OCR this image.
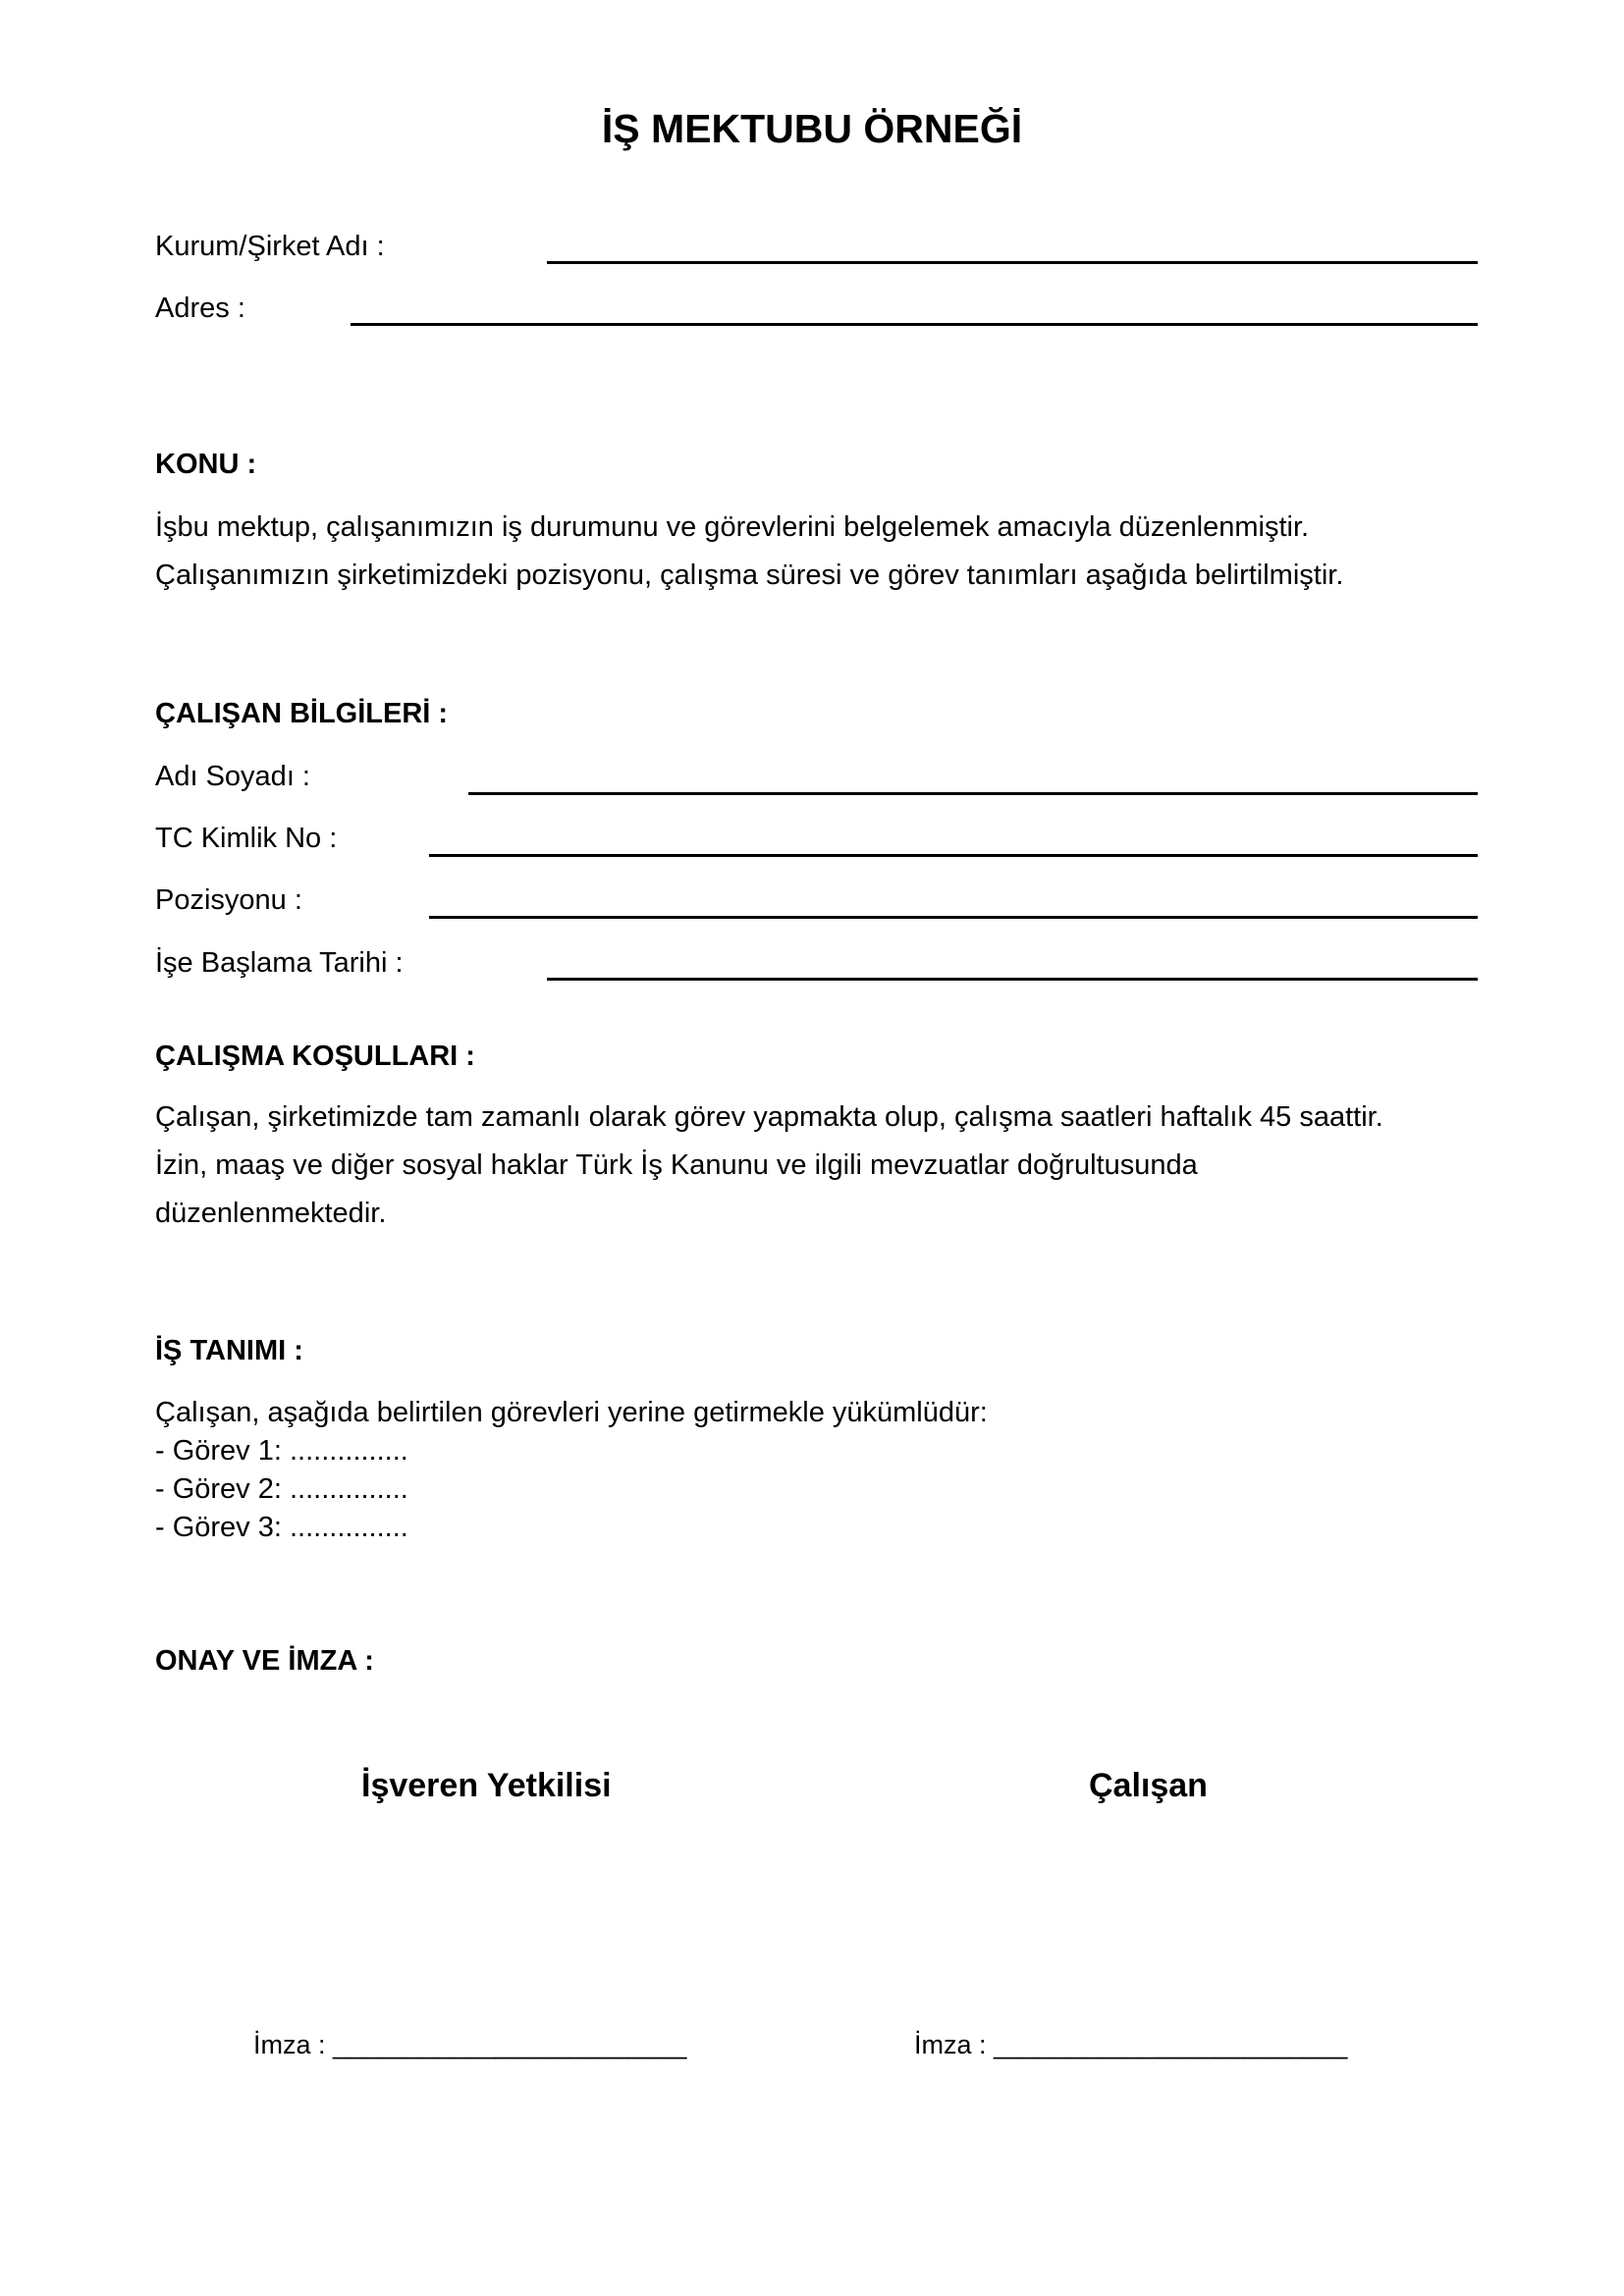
İŞ MEKTUBU ÖRNEĞİ
Kurum/Şirket Adı :
Adres :
KONU :
İşbu mektup, çalışanımızın iş durumunu ve görevlerini belgelemek amacıyla düzenlenmiştir.
Çalışanımızın şirketimizdeki pozisyonu, çalışma süresi ve görev tanımları aşağıda belirtilmiştir.
ÇALIŞAN BİLGİLERİ :
Adı Soyadı :
TC Kimlik No :
Pozisyonu :
İşe Başlama Tarihi :
ÇALIŞMA KOŞULLARI :
Çalışan, şirketimizde tam zamanlı olarak görev yapmakta olup, çalışma saatleri haftalık 45 saattir.
İzin, maaş ve diğer sosyal haklar Türk İş Kanunu ve ilgili mevzuatlar doğrultusunda
düzenlenmektedir.
İŞ TANIMI :
Çalışan, aşağıda belirtilen görevleri yerine getirmekle yükümlüdür:
- Görev 1: ...............
- Görev 2: ...............
- Görev 3: ...............
ONAY VE İMZA :
İşveren Yetkilisi	Çalışan
İmza : ________________________	İmza : ________________________
